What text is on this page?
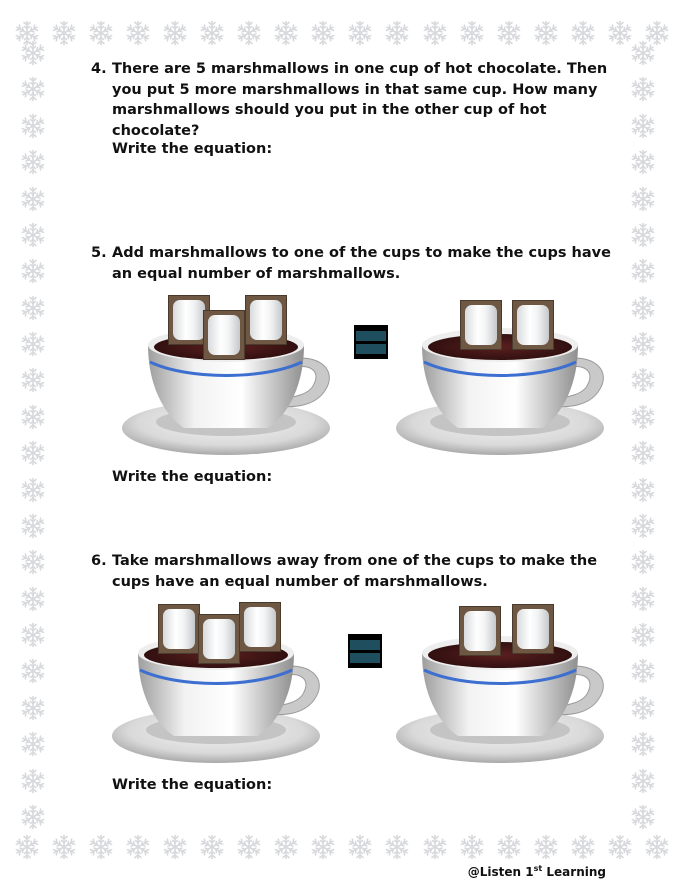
4. There are 5 marshmallows in one cup of hot chocolate. Then you put 5 more marshmallows in that same cup. How many marshmallows should you put in the other cup of hot chocolate?
Write the equation:
5. Add marshmallows to one of the cups to make the cups have an equal number of marshmallows.
Write the equation:
6. Take marshmallows away from one of the cups to make the cups have an equal number of marshmallows.
Write the equation:
@Listen 1st Learning
